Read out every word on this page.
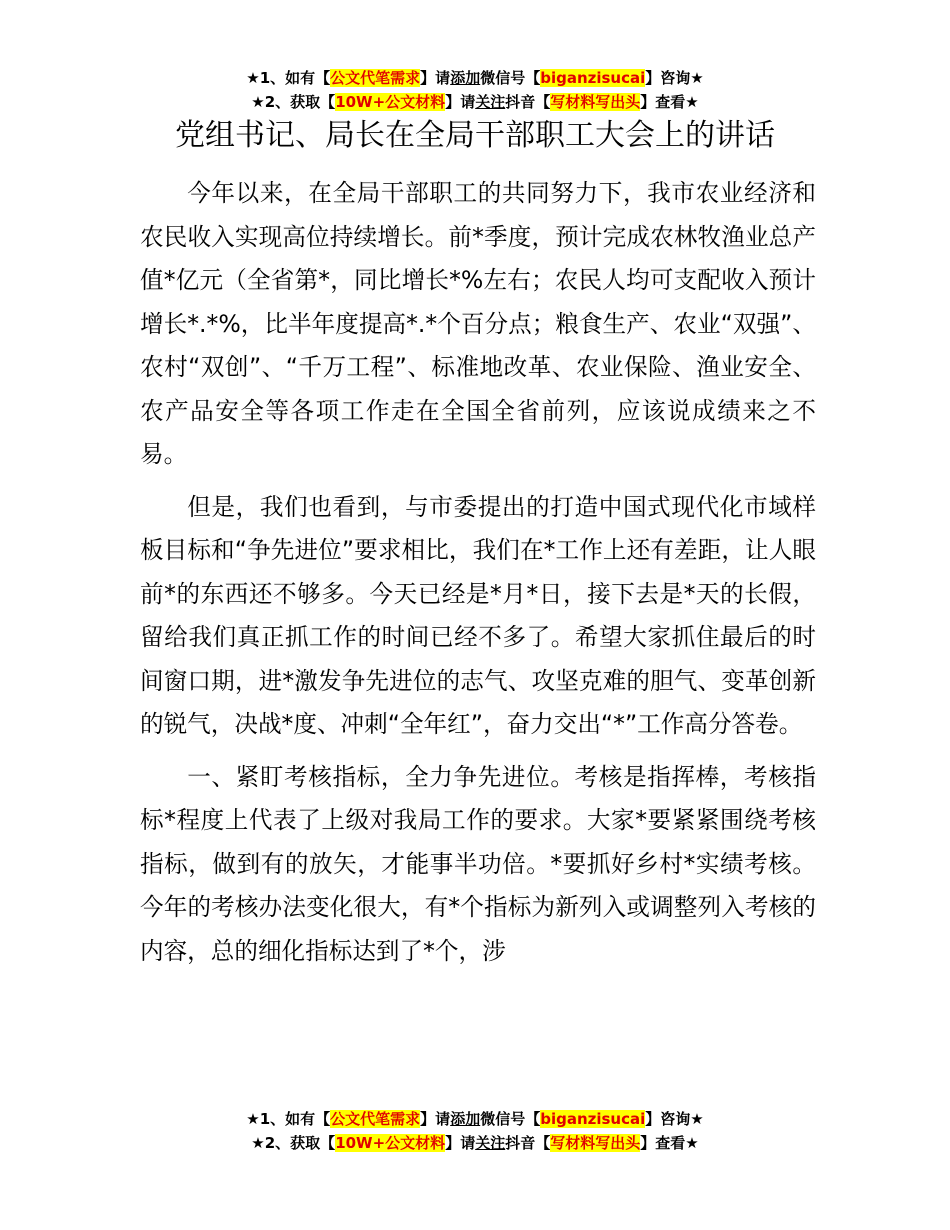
★1、如有【公文代笔需求】请添加微信号【biganzisucai】咨询★
★2、获取【10W+公文材料】请关注抖音【写材料写出头】查看★
党组书记、局长在全局干部职工大会上的讲话

今年以来，在全局干部职工的共同努力下，我市农业经济和农民收入实现高位持续增长。前*季度，预计完成农林牧渔业总产值*亿元（全省第*，同比增长*%左右；农民人均可支配收入预计增长*.*%，比半年度提高*.*个百分点；粮食生产、农业“双强”、农村“双创”、“千万工程”、标准地改革、农业保险、渔业安全、农产品安全等各项工作走在全国全省前列，应该说成绩来之不易。

但是，我们也看到，与市委提出的打造中国式现代化市域样板目标和“争先进位”要求相比，我们在*工作上还有差距，让人眼前*的东西还不够多。今天已经是*月*日，接下去是*天的长假，留给我们真正抓工作的时间已经不多了。希望大家抓住最后的时间窗口期，进*激发争先进位的志气、攻坚克难的胆气、变革创新的锐气，决战*度、冲刺“全年红”，奋力交出“*”工作高分答卷。

一、紧盯考核指标，全力争先进位。考核是指挥棒，考核指标*程度上代表了上级对我局工作的要求。大家*要紧紧围绕考核指标，做到有的放矢，才能事半功倍。*要抓好乡村*实绩考核。今年的考核办法变化很大，有*个指标为新列入或调整列入考核的内容，总的细化指标达到了*个，涉

★1、如有【公文代笔需求】请添加微信号【biganzisucai】咨询★
★2、获取【10W+公文材料】请关注抖音【写材料写出头】查看★
